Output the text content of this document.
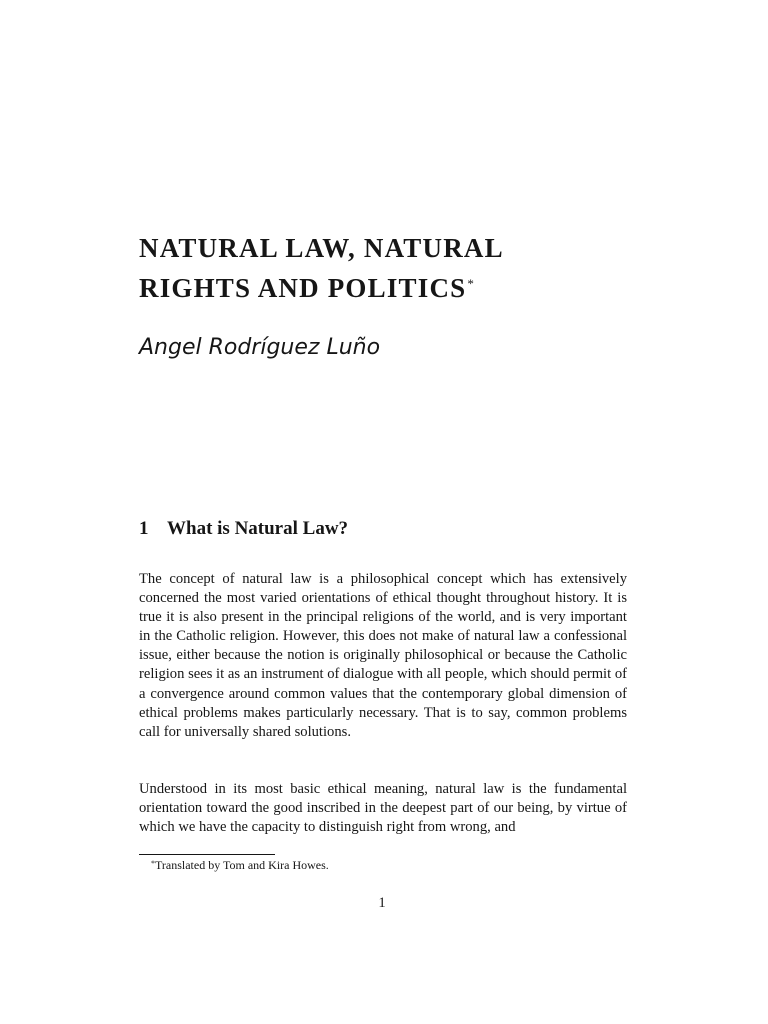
NATURAL LAW, NATURAL
RIGHTS AND POLITICS*

Angel Rodríguez Luño

1 What is Natural Law?

The concept of natural law is a philosophical concept which has extensively concerned the most varied orientations of ethical thought throughout history. It is true it is also present in the principal religions of the world, and is very important in the Catholic religion. However, this does not make of natural law a confessional issue, either because the notion is originally philosophical or because the Catholic religion sees it as an instrument of dialogue with all people, which should permit of a convergence around common values that the contemporary global dimension of ethical problems makes particularly necessary. That is to say, common problems call for universally shared solutions.

Understood in its most basic ethical meaning, natural law is the fundamental orientation toward the good inscribed in the deepest part of our being, by virtue of which we have the capacity to distinguish right from wrong, and

*Translated by Tom and Kira Howes.

1
